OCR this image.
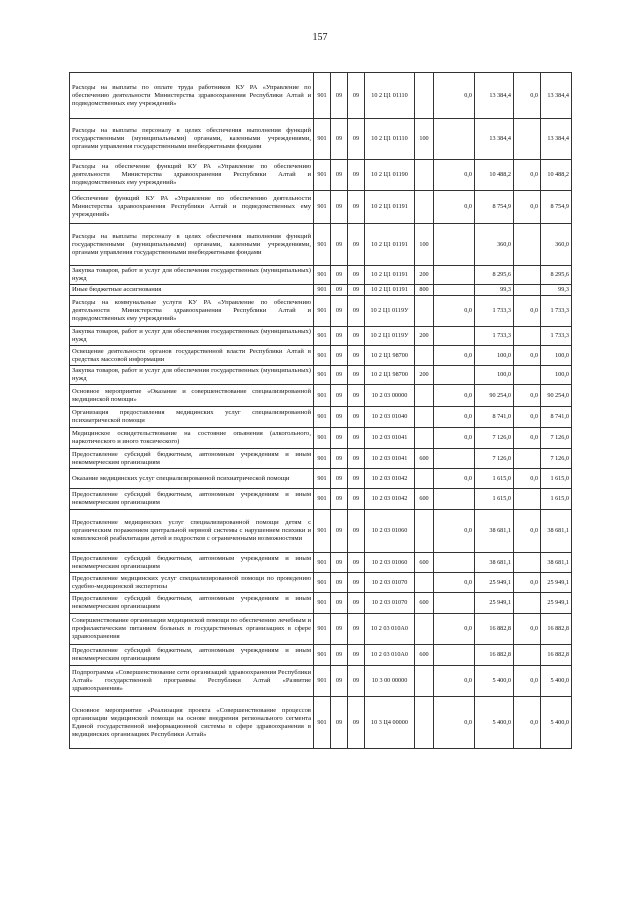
157
Расходы на выплаты по оплате труда работников КУ РА «Управление по обеспечению деятельности Министерства здравоохранения Республики Алтай и подведомственных ему учреждений»	901	09	09	10 2 Ц1 01110		0,0	13 384,4	0,0	13 384,4
Расходы на выплаты персоналу в целях обеспечения выполнения функций государственными (муниципальными) органами, казенными учреждениями, органами управления государственными внебюджетными фондами	901	09	09	10 2 Ц1 01110	100		13 384,4		13 384,4
Расходы на обеспечение функций КУ РА «Управление по обеспечению деятельности Министерства здравоохранения Республики Алтай и подведомственных ему учреждений»	901	09	09	10 2 Ц1 01190		0,0	10 488,2	0,0	10 488,2
Обеспечение функций КУ РА «Управление по обеспечению деятельности Министерства здравоохранения Республики Алтай и подведомственных ему учреждений»	901	09	09	10 2 Ц1 01191		0,0	8 754,9	0,0	8 754,9
Расходы на выплаты персоналу в целях обеспечения выполнения функций государственными (муниципальными) органами, казенными учреждениями, органами управления государственными внебюджетными фондами	901	09	09	10 2 Ц1 01191	100		360,0		360,0
Закупка товаров, работ и услуг для обеспечения государственных (муниципальных) нужд	901	09	09	10 2 Ц1 01191	200		8 295,6		8 295,6
Иные бюджетные ассигнования	901	09	09	10 2 Ц1 01191	800		99,3		99,3
Расходы на коммунальные услуги КУ РА «Управление по обеспечению деятельности Министерства здравоохранения Республики Алтай и подведомственных ему учреждений»	901	09	09	10 2 Ц1 0119У		0,0	1 733,3	0,0	1 733,3
Закупка товаров, работ и услуг для обеспечения государственных (муниципальных) нужд	901	09	09	10 2 Ц1 0119У	200		1 733,3		1 733,3
Освещение деятельности органов государственной власти Республики Алтай в средствах массовой информации	901	09	09	10 2 Ц1 98700		0,0	100,0	0,0	100,0
Закупка товаров, работ и услуг для обеспечения государственных (муниципальных) нужд	901	09	09	10 2 Ц1 98700	200		100,0		100,0
Основное мероприятие «Оказание и совершенствование специализированной медицинской помощи»	901	09	09	10 2 03 00000		0,0	90 254,0	0,0	90 254,0
Организация предоставления медицинских услуг специализированной психиатрической помощи	901	09	09	10 2 03 01040		0,0	8 741,0	0,0	8 741,0
Медицинское освидетельствование на состояние опьянения (алкогольного, наркотического и иного токсического)	901	09	09	10 2 03 01041		0,0	7 126,0	0,0	7 126,0
Предоставление субсидий бюджетным, автономным учреждениям и иным некоммерческим организациям	901	09	09	10 2 03 01041	600		7 126,0		7 126,0
Оказание медицинских услуг специализированной психиатрической помощи	901	09	09	10 2 03 01042		0,0	1 615,0	0,0	1 615,0
Предоставление субсидий бюджетным, автономным учреждениям и иным некоммерческим организациям	901	09	09	10 2 03 01042	600		1 615,0		1 615,0
Предоставление медицинских услуг специализированной помощи детям с органическим поражением центральной нервной системы с нарушением психики и комплексной реабилитации детей и подростков с ограниченными возможностями	901	09	09	10 2 03 01060		0,0	38 681,1	0,0	38 681,1
Предоставление субсидий бюджетным, автономным учреждениям и иным некоммерческим организациям	901	09	09	10 2 03 01060	600		38 681,1		38 681,1
Предоставление медицинских услуг специализированной помощи по проведению судебно-медицинской экспертизы	901	09	09	10 2 03 01070		0,0	25 949,1	0,0	25 949,1
Предоставление субсидий бюджетным, автономным учреждениям и иным некоммерческим организациям	901	09	09	10 2 03 01070	600		25 949,1		25 949,1
Совершенствование организации медицинской помощи по обеспечению лечебным и профилактическим питанием больных в государственных организациях в сфере здравоохранения	901	09	09	10 2 03 010А0		0,0	16 882,8	0,0	16 882,8
Предоставление субсидий бюджетным, автономным учреждениям и иным некоммерческим организациям	901	09	09	10 2 03 010А0	600		16 882,8		16 882,8
Подпрограмма «Совершенствование сети организаций здравоохранения Республики Алтай» государственной программы Республики Алтай «Развитие здравоохранения»	901	09	09	10 3 00 00000		0,0	5 400,0	0,0	5 400,0
Основное мероприятие «Реализация проекта «Совершенствование процессов организации медицинской помощи на основе внедрения регионального сегмента Единой государственной информационной системы в сфере здравоохранения в медицинских организациях Республики Алтай»	901	09	09	10 3 Ц4 00000		0,0	5 400,0	0,0	5 400,0
